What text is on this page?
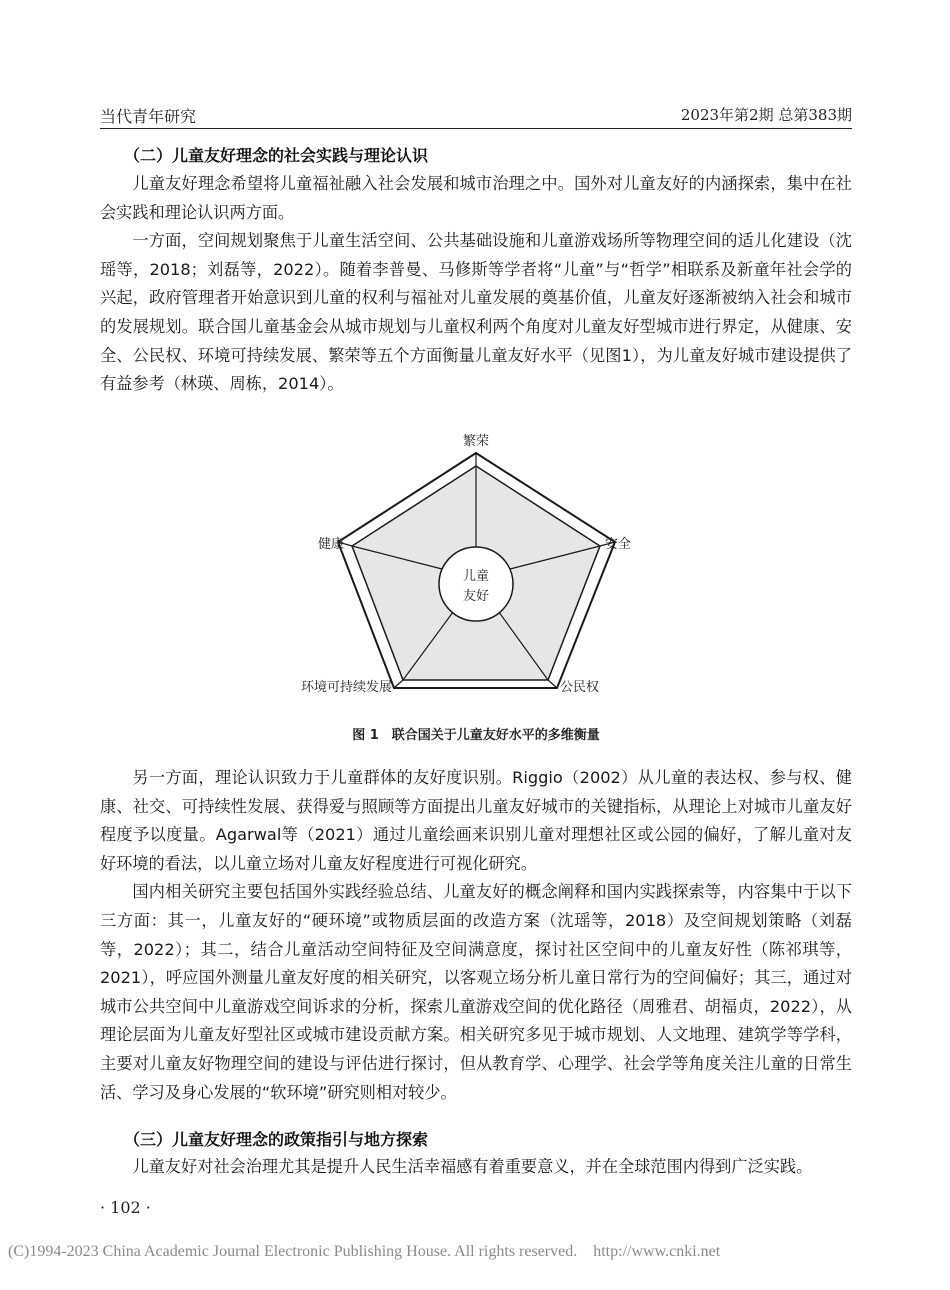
当代青年研究	2023年第2期 总第383期
（二）儿童友好理念的社会实践与理论认识

儿童友好理念希望将儿童福祉融入社会发展和城市治理之中。国外对儿童友好的内涵探索，集中在社会实践和理论认识两方面。

一方面，空间规划聚焦于儿童生活空间、公共基础设施和儿童游戏场所等物理空间的适儿化建设（沈瑶等，2018；刘磊等，2022）。随着李普曼、马修斯等学者将“儿童”与“哲学”相联系及新童年社会学的兴起，政府管理者开始意识到儿童的权利与福祉对儿童发展的奠基价值，儿童友好逐渐被纳入社会和城市的发展规划。联合国儿童基金会从城市规划与儿童权利两个角度对儿童友好型城市进行界定，从健康、安全、公民权、环境可持续发展、繁荣等五个方面衡量儿童友好水平（见图1），为儿童友好城市建设提供了有益参考（林瑛、周栋，2014）。

儿童
友好
繁荣
安全
公民权
环境可持续发展
健康
图 1　联合国关于儿童友好水平的多维衡量

另一方面，理论认识致力于儿童群体的友好度识别。Riggio（2002）从儿童的表达权、参与权、健康、社交、可持续性发展、获得爱与照顾等方面提出儿童友好城市的关键指标，从理论上对城市儿童友好程度予以度量。Agarwal等（2021）通过儿童绘画来识别儿童对理想社区或公园的偏好，了解儿童对友好环境的看法，以儿童立场对儿童友好程度进行可视化研究。

国内相关研究主要包括国外实践经验总结、儿童友好的概念阐释和国内实践探索等，内容集中于以下三方面：其一，儿童友好的“硬环境”或物质层面的改造方案（沈瑶等，2018）及空间规划策略（刘磊等，2022）；其二，结合儿童活动空间特征及空间满意度，探讨社区空间中的儿童友好性（陈祁琪等，2021），呼应国外测量儿童友好度的相关研究，以客观立场分析儿童日常行为的空间偏好；其三，通过对城市公共空间中儿童游戏空间诉求的分析，探索儿童游戏空间的优化路径（周雅君、胡福贞，2022），从理论层面为儿童友好型社区或城市建设贡献方案。相关研究多见于城市规划、人文地理、建筑学等学科，主要对儿童友好物理空间的建设与评估进行探讨，但从教育学、心理学、社会学等角度关注儿童的日常生活、学习及身心发展的“软环境”研究则相对较少。

（三）儿童友好理念的政策指引与地方探索

儿童友好对社会治理尤其是提升人民生活幸福感有着重要意义，并在全球范围内得到广泛实践。

· 102 ·
(C)1994-2023 China Academic Journal Electronic Publishing House. All rights reserved. http://www.cnki.net
